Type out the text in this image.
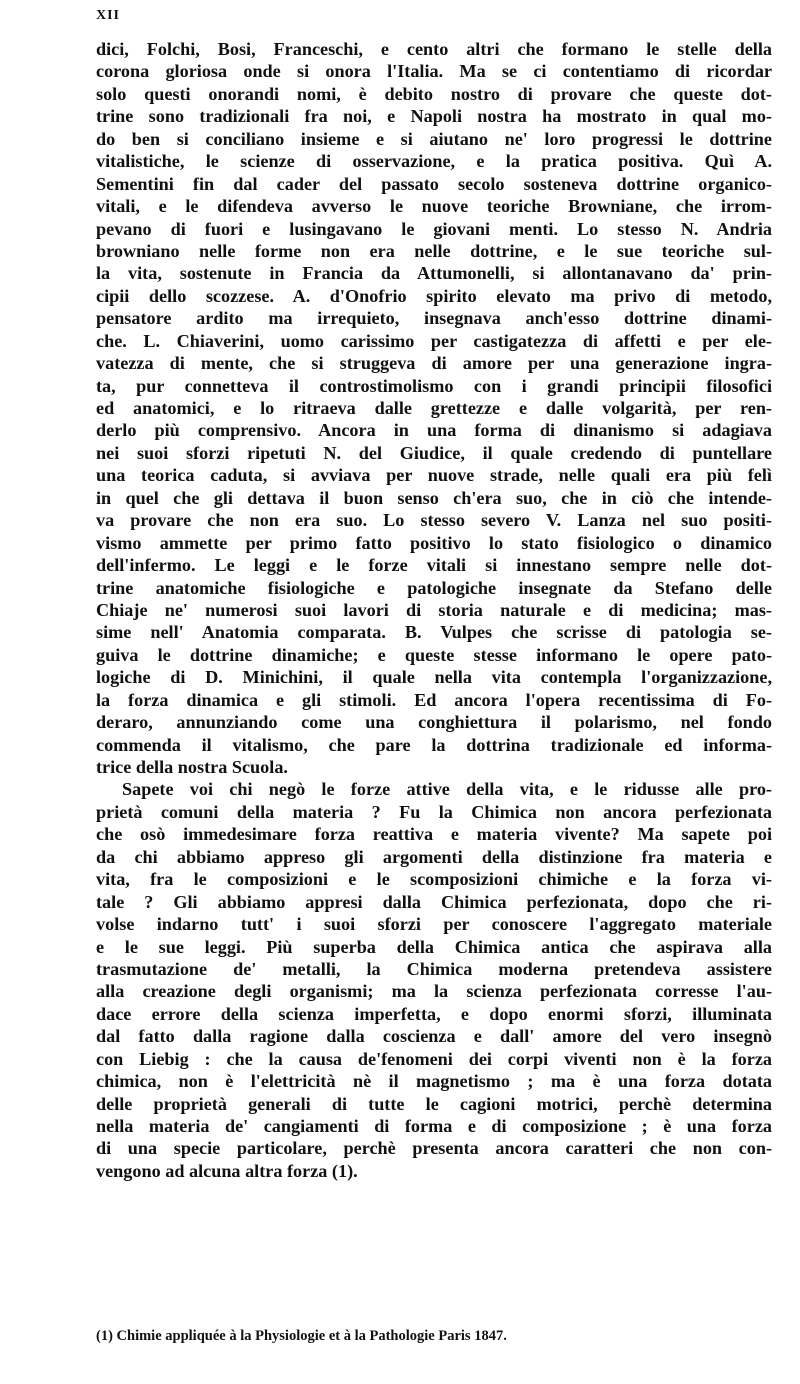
XII
dici, Folchi, Bosi, Franceschi, e cento altri che formano le stelle della
corona gloriosa onde si onora l'Italia. Ma se ci contentiamo di ricordar
solo questi onorandi nomi, è debito nostro di provare che queste dot-
trine sono tradizionali fra noi, e Napoli nostra ha mostrato in qual mo-
do ben si conciliano insieme e si aiutano ne' loro progressi le dottrine
vitalistiche, le scienze di osservazione, e la pratica positiva. Quì A.
Sementini fin dal cader del passato secolo sosteneva dottrine organico-
vitali, e le difendeva avverso le nuove teoriche Browniane, che irrom-
pevano di fuori e lusingavano le giovani menti. Lo stesso N. Andria
browniano nelle forme non era nelle dottrine, e le sue teoriche sul-
la vita, sostenute in Francia da Attumonelli, si allontanavano da' prin-
cipii dello scozzese. A. d'Onofrio spirito elevato ma privo di metodo,
pensatore ardito ma irrequieto, insegnava anch'esso dottrine dinami-
che. L. Chiaverini, uomo carissimo per castigatezza di affetti e per ele-
vatezza di mente, che si struggeva di amore per una generazione ingra-
ta, pur connetteva il controstimolismo con i grandi principii filosofici
ed anatomici, e lo ritraeva dalle grettezze e dalle volgarità, per ren-
derlo più comprensivo. Ancora in una forma di dinanismo si adagiava
nei suoi sforzi ripetuti N. del Giudice, il quale credendo di puntellare
una teorica caduta, si avviava per nuove strade, nelle quali era più felì
in quel che gli dettava il buon senso ch'era suo, che in ciò che intende-
va provare che non era suo. Lo stesso severo V. Lanza nel suo positi-
vismo ammette per primo fatto positivo lo stato fisiologico o dinamico
dell'infermo. Le leggi e le forze vitali si innestano sempre nelle dot-
trine anatomiche fisiologiche e patologiche insegnate da Stefano delle
Chiaje ne' numerosi suoi lavori di storia naturale e di medicina; mas-
sime nell' Anatomia comparata. B. Vulpes che scrisse di patologia se-
guiva le dottrine dinamiche; e queste stesse informano le opere pato-
logiche di D. Minichini, il quale nella vita contempla l'organizzazione,
la forza dinamica e gli stimoli. Ed ancora l'opera recentissima di Fo-
deraro, annunziando come una conghiettura il polarismo, nel fondo
commenda il vitalismo, che pare la dottrina tradizionale ed informa-
trice della nostra Scuola.
Sapete voi chi negò le forze attive della vita, e le ridusse alle pro-
prietà comuni della materia ? Fu la Chimica non ancora perfezionata
che osò immedesimare forza reattiva e materia vivente? Ma sapete poi
da chi abbiamo appreso gli argomenti della distinzione fra materia e
vita, fra le composizioni e le scomposizioni chimiche e la forza vi-
tale ? Gli abbiamo appresi dalla Chimica perfezionata, dopo che ri-
volse indarno tutt' i suoi sforzi per conoscere l'aggregato materiale
e le sue leggi. Più superba della Chimica antica che aspirava alla
trasmutazione de' metalli, la Chimica moderna pretendeva assistere
alla creazione degli organismi; ma la scienza perfezionata corresse l'au-
dace errore della scienza imperfetta, e dopo enormi sforzi, illuminata
dal fatto dalla ragione dalla coscienza e dall' amore del vero insegnò
con Liebig : che la causa de'fenomeni dei corpi viventi non è la forza
chimica, non è l'elettricità nè il magnetismo ; ma è una forza dotata
delle proprietà generali di tutte le cagioni motrici, perchè determina
nella materia de' cangiamenti di forma e di composizione ; è una forza
di una specie particolare, perchè presenta ancora caratteri che non con-
vengono ad alcuna altra forza (1).
(1) Chimie appliquée à la Physiologie et à la Pathologie Paris 1847.
